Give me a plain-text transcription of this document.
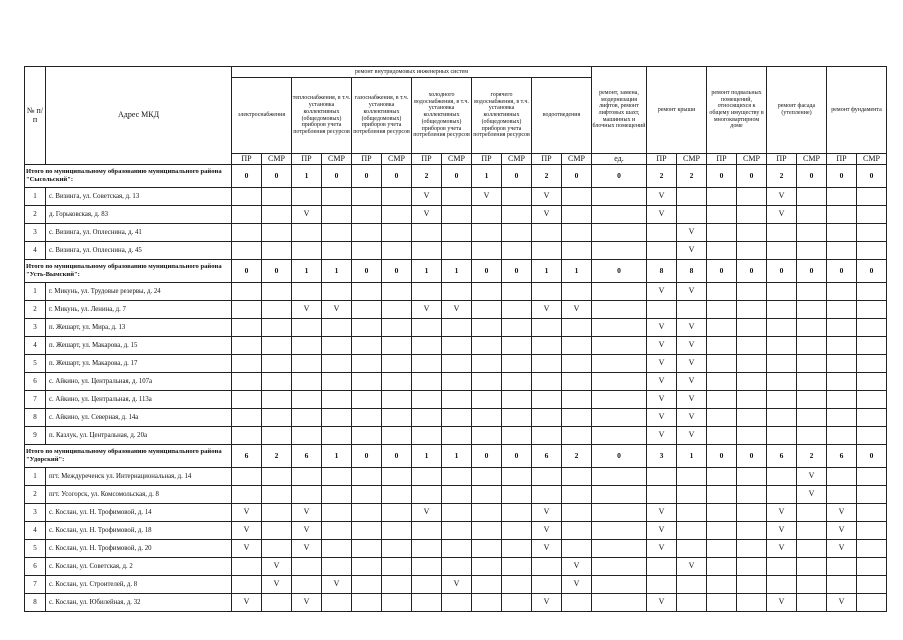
№ п/п	Адрес МКД	ремонт внутридомовых инженерных систем												ремонт, замена, модернизация лифтов, ремонт лифтовых шахт, машинных и блочных помещений	ремонт крыши		ремонт подвальных помещений, относящихся к общему имуществу в многоквартирном доме		ремонт фасада (утепление)		ремонт фундамента	
		электроснабжения		теплоснабжения, в т.ч. установка коллективных (общедомовых) приборов учета потребления ресурсов		газоснабжения, в т.ч. установка коллективных (общедомовых) приборов учета потребления ресурсов		холодного водоснабжения, в т.ч. установка коллективных (общедомовых) приборов учета потребления ресурсов		горячего водоснабжения, в т.ч. установка коллективных (общедомовых) приборов учета потребления ресурсов		водоотведения										
		ПР	СМР	ПР	СМР	ПР	СМР	ПР	СМР	ПР	СМР	ПР	СМР	ед.	ПР	СМР	ПР	СМР	ПР	СМР	ПР	СМР
Итого по муниципальному образованию муниципального района "Сысольский":		0	0	1	0	0	0	2	0	1	0	2	0	0	2	2	0	0	2	0	0	0
1	с. Визинга, ул. Советская, д. 13							V		V		V			V				V			
2	д. Горьковская, д. 83			V				V				V			V				V			
3	с. Визинга, ул. Оплеснина, д. 41															V						
4	с. Визинга, ул. Оплеснина, д. 45															V						
Итого по муниципальному образованию муниципального района "Усть-Вымский":		0	0	1	1	0	0	1	1	0	0	1	1	0	8	8	0	0	0	0	0	0
1	г. Микунь, ул. Трудовые резервы, д. 24														V	V						
2	г. Микунь, ул. Ленина, д. 7			V	V			V	V			V	V									
3	п. Жешарт, ул. Мира, д. 13														V	V						
4	п. Жешарт, ул. Макарова, д. 15														V	V						
5	п. Жешарт, ул. Макарова, д. 17														V	V						
6	с. Айкино, ул. Центральная, д. 107а														V	V						
7	с. Айкино, ул. Центральная, д. 113а														V	V						
8	с. Айкино, ул. Северная, д. 14а														V	V						
9	п. Казлук, ул. Центральная, д. 20а														V	V						
Итого по муниципальному образованию муниципального района "Удорский":		6	2	6	1	0	0	1	1	0	0	6	2	0	3	1	0	0	6	2	6	0
1	пгт. Междуреченск ул. Интернациональная, д. 14																			V		
2	пгт. Усогорск, ул. Комсомольская, д. 8																			V		
3	с. Кослан, ул. Н. Трофимовой, д. 14	V		V				V				V			V				V		V	
4	с. Кослан, ул. Н. Трофимовой, д. 18	V		V								V			V				V		V	
5	с. Кослан, ул. Н. Трофимовой, д. 20	V		V								V			V				V		V	
6	с. Кослан, ул. Советская, д. 2		V										V			V						
7	с. Кослан, ул. Строителей, д. 8		V		V				V				V									
8	с. Кослан, ул. Юбилейная, д. 32	V		V								V			V				V		V	
